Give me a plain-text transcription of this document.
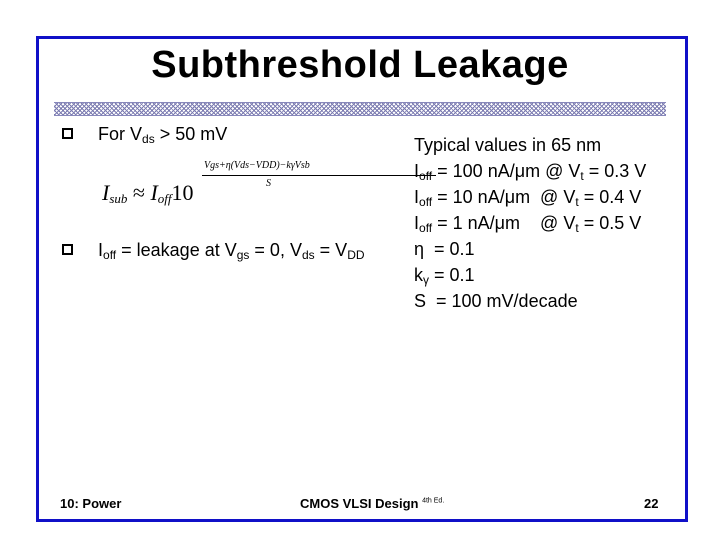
Subthreshold Leakage
For $V_{ds} > 50$ mV
$I_{sub} \approx I_{off}10$
Vgs+η(Vds−VDD)−kγVsb
S
$I_{off}$ = leakage at $V_{gs} = 0$, $V_{ds} = V_{DD}$
Typical values in 65 nm
$I_{off} = 100$ nA/μm @ $V_t = 0.3$ V
$I_{off} = 10$ nA/μm  @ $V_t = 0.4$ V
$I_{off} = 1$ nA/μm    @ $V_t = 0.5$ V
η  = 0.1
$k_\gamma = 0.1$
S  = 100 mV/decade
10: Power	CMOS VLSI Design $^{4th Ed.}$	22
